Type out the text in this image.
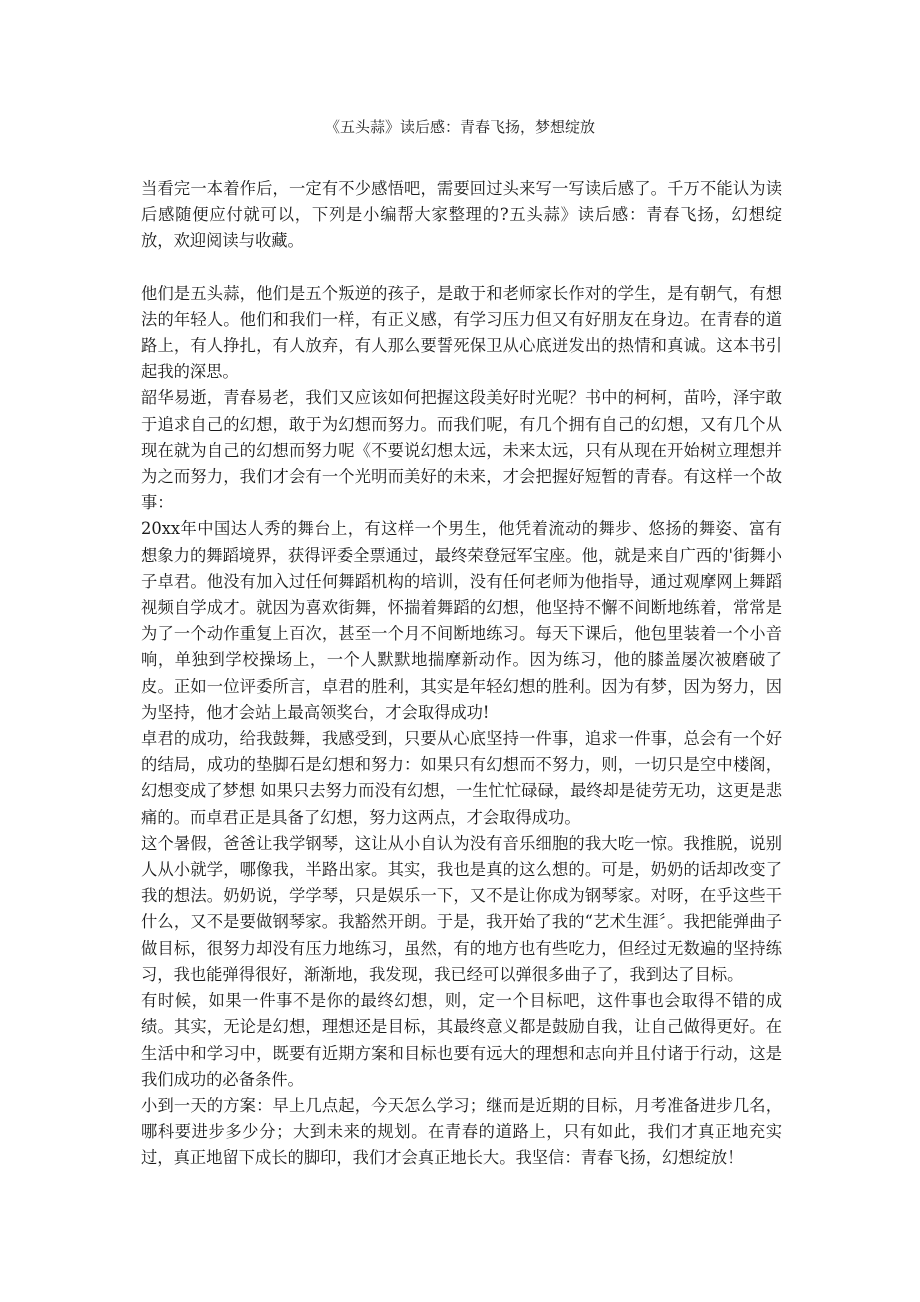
《五头蒜》读后感：青春飞扬，梦想绽放

当看完一本着作后，一定有不少感悟吧，需要回过头来写一写读后感了。千万不能认为读后感随便应付就可以，下列是小编帮大家整理的?五头蒜》读后感：青春飞扬，幻想绽放，欢迎阅读与收藏。

他们是五头蒜，他们是五个叛逆的孩子，是敢于和老师家长作对的学生，是有朝气，有想法的年轻人。他们和我们一样，有正义感，有学习压力但又有好朋友在身边。在青春的道路上，有人挣扎，有人放弃，有人那么要誓死保卫从心底迸发出的热情和真诚。这本书引起我的深思。

韶华易逝，青春易老，我们又应该如何把握这段美好时光呢？书中的柯柯，苗吟，泽宇敢于追求自己的幻想，敢于为幻想而努力。而我们呢，有几个拥有自己的幻想，又有几个从现在就为自己的幻想而努力呢《不要说幻想太远，未来太远，只有从现在开始树立理想并为之而努力，我们才会有一个光明而美好的未来，才会把握好短暂的青春。有这样一个故事：

20xx年中国达人秀的舞台上，有这样一个男生，他凭着流动的舞步、悠扬的舞姿、富有想象力的舞蹈境界，获得评委全票通过，最终荣登冠军宝座。他，就是来自广西的'街舞小子卓君。他没有加入过任何舞蹈机构的培训，没有任何老师为他指导，通过观摩网上舞蹈视频自学成才。就因为喜欢街舞，怀揣着舞蹈的幻想，他坚持不懈不间断地练着，常常是为了一个动作重复上百次，甚至一个月不间断地练习。每天下课后，他包里装着一个小音响，单独到学校操场上，一个人默默地揣摩新动作。因为练习，他的膝盖屡次被磨破了皮。正如一位评委所言，卓君的胜利，其实是年轻幻想的胜利。因为有梦，因为努力，因为坚持，他才会站上最高领奖台，才会取得成功!

卓君的成功，给我鼓舞，我感受到，只要从心底坚持一件事，追求一件事，总会有一个好的结局，成功的垫脚石是幻想和努力：如果只有幻想而不努力，则，一切只是空中楼阁，幻想变成了梦想 如果只去努力而没有幻想，一生忙忙碌碌，最终却是徒劳无功，这更是悲痛的。而卓君正是具备了幻想，努力这两点，才会取得成功。

这个暑假，爸爸让我学钢琴，这让从小自认为没有音乐细胞的我大吃一惊。我推脱，说别人从小就学，哪像我，半路出家。其实，我也是真的这么想的。可是，奶奶的话却改变了我的想法。奶奶说，学学琴，只是娱乐一下，又不是让你成为钢琴家。对呀，在乎这些干什么，又不是要做钢琴家。我豁然开朗。于是，我开始了我的“艺术生涯〞。我把能弹曲子做目标，很努力却没有压力地练习，虽然，有的地方也有些吃力，但经过无数遍的坚持练习，我也能弹得很好，渐渐地，我发现，我已经可以弹很多曲子了，我到达了目标。

有时候，如果一件事不是你的最终幻想，则，定一个目标吧，这件事也会取得不错的成绩。其实，无论是幻想，理想还是目标，其最终意义都是鼓励自我，让自己做得更好。在生活中和学习中，既要有近期方案和目标也要有远大的理想和志向并且付诸于行动，这是我们成功的必备条件。

小到一天的方案：早上几点起，今天怎么学习；继而是近期的目标，月考准备进步几名，哪科要进步多少分；大到未来的规划。在青春的道路上，只有如此，我们才真正地充实过，真正地留下成长的脚印，我们才会真正地长大。我坚信：青春飞扬，幻想绽放！
